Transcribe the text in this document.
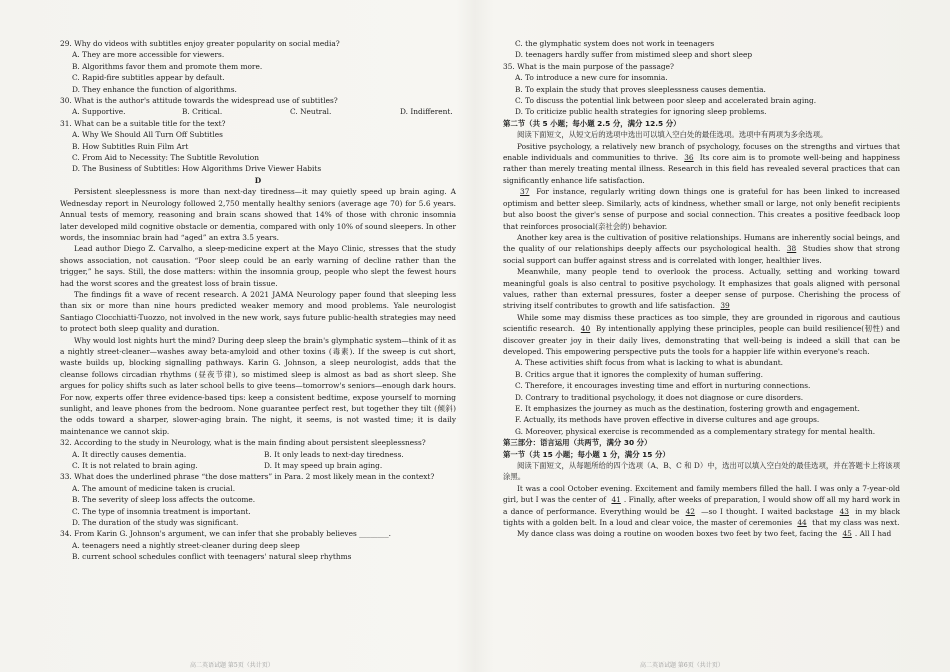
29. Why do videos with subtitles enjoy greater popularity on social media?

A. They are more accessible for viewers.

B. Algorithms favor them and promote them more.

C. Rapid-fire subtitles appear by default.

D. They enhance the function of algorithms.

30. What is the author's attitude towards the widespread use of subtitles?

A. Supportive.	B. Critical.	C. Neutral.	D. Indifferent.

31. What can be a suitable title for the text?

A. Why We Should All Turn Off Subtitles

B. How Subtitles Ruin Film Art

C. From Aid to Necessity: The Subtitle Revolution

D. The Business of Subtitles: How Algorithms Drive Viewer Habits

D

Persistent sleeplessness is more than next-day tiredness—it may quietly speed up brain aging. A Wednesday report in Neurology followed 2,750 mentally healthy seniors (average age 70) for 5.6 years. Annual tests of memory, reasoning and brain scans showed that 14% of those with chronic insomnia later developed mild cognitive obstacle or dementia, compared with only 10% of sound sleepers. In other words, the insomniac brain had “aged” an extra 3.5 years.

Lead author Diego Z. Carvalho, a sleep-medicine expert at the Mayo Clinic, stresses that the study shows association, not causation. “Poor sleep could be an early warning of decline rather than the trigger,” he says. Still, the dose matters: within the insomnia group, people who slept the fewest hours had the worst scores and the greatest loss of brain tissue.

The findings fit a wave of recent research. A 2021 JAMA Neurology paper found that sleeping less than six or more than nine hours predicted weaker memory and mood problems. Yale neurologist Santiago Clocchiatti-Tuozzo, not involved in the new work, says future public-health strategies may need to protect both sleep quality and duration.

Why would lost nights hurt the mind? During deep sleep the brain's glymphatic system—think of it as a nightly street-cleaner—washes away beta-amyloid and other toxins (毒素). If the sweep is cut short, waste builds up, blocking signalling pathways. Karin G. Johnson, a sleep neurologist, adds that the cleanse follows circadian rhythms (昼夜节律), so mistimed sleep is almost as bad as short sleep. She argues for policy shifts such as later school bells to give teens—tomorrow's seniors—enough dark hours. For now, experts offer three evidence-based tips: keep a consistent bedtime, expose yourself to morning sunlight, and leave phones from the bedroom. None guarantee perfect rest, but together they tilt (倾斜) the odds toward a sharper, slower-aging brain. The night, it seems, is not wasted time; it is daily maintenance we cannot skip.

32. According to the study in Neurology, what is the main finding about persistent sleeplessness?

A. It directly causes dementia.	B. It only leads to next-day tiredness.
C. It is not related to brain aging.	D. It may speed up brain aging.

33. What does the underlined phrase “the dose matters” in Para. 2 most likely mean in the context?

A. The amount of medicine taken is crucial.

B. The severity of sleep loss affects the outcome.

C. The type of insomnia treatment is important.

D. The duration of the study was significant.

34. From Karin G. Johnson's argument, we can infer that she probably believes ________.

A. teenagers need a nightly street-cleaner during deep sleep

B. current school schedules conflict with teenagers' natural sleep rhythms

高二英语试题 第5页（共计页）

C. the glymphatic system does not work in teenagers

D. teenagers hardly suffer from mistimed sleep and short sleep

35. What is the main purpose of the passage?

A. To introduce a new cure for insomnia.

B. To explain the study that proves sleeplessness causes dementia.

C. To discuss the potential link between poor sleep and accelerated brain aging.

D. To criticize public health strategies for ignoring sleep problems.

第二节（共 5 小题；每小题 2.5 分，满分 12.5 分）

阅读下面短文，从短文后的选项中选出可以填入空白处的最佳选项。选项中有两项为多余选项。

Positive psychology, a relatively new branch of psychology, focuses on the strengths and virtues that enable individuals and communities to thrive. 36 Its core aim is to promote well-being and happiness rather than merely treating mental illness. Research in this field has revealed several practices that can significantly enhance life satisfaction.

37 For instance, regularly writing down things one is grateful for has been linked to increased optimism and better sleep. Similarly, acts of kindness, whether small or large, not only benefit recipients but also boost the giver's sense of purpose and social connection. This creates a positive feedback loop that reinforces prosocial(亲社会的) behavior.

Another key area is the cultivation of positive relationships. Humans are inherently social beings, and the quality of our relationships deeply affects our psychological health. 38 Studies show that strong social support can buffer against stress and is correlated with longer, healthier lives.

Meanwhile, many people tend to overlook the process. Actually, setting and working toward meaningful goals is also central to positive psychology. It emphasizes that goals aligned with personal values, rather than external pressures, foster a deeper sense of purpose. Cherishing the process of striving itself contributes to growth and life satisfaction. 39

While some may dismiss these practices as too simple, they are grounded in rigorous and cautious scientific research. 40 By intentionally applying these principles, people can build resilience(韧性) and discover greater joy in their daily lives, demonstrating that well-being is indeed a skill that can be developed. This empowering perspective puts the tools for a happier life within everyone's reach.

A. These activities shift focus from what is lacking to what is abundant.

B. Critics argue that it ignores the complexity of human suffering.

C. Therefore, it encourages investing time and effort in nurturing connections.

D. Contrary to traditional psychology, it does not diagnose or cure disorders.

E. It emphasizes the journey as much as the destination, fostering growth and engagement.

F. Actually, its methods have proven effective in diverse cultures and age groups.

G. Moreover, physical exercise is recommended as a complementary strategy for mental health.

第三部分：语言运用（共两节，满分 30 分）

第一节（共 15 小题；每小题 1 分，满分 15 分）

阅读下面短文，从每题所给的四个选项（A、B、C 和 D）中，选出可以填入空白处的最佳选项，并在答题卡上将该项涂黑。

It was a cool October evening. Excitement and family members filled the hall. I was only a 7-year-old girl, but I was the center of 41 . Finally, after weeks of preparation, I would show off all my hard work in a dance of performance. Everything would be 42 —so I thought. I waited backstage 43 in my black tights with a golden belt. In a loud and clear voice, the master of ceremonies 44 that my class was next.

My dance class was doing a routine on wooden boxes two feet by two feet, facing the 45 . All I had

高二英语试题 第6页（共计页）
